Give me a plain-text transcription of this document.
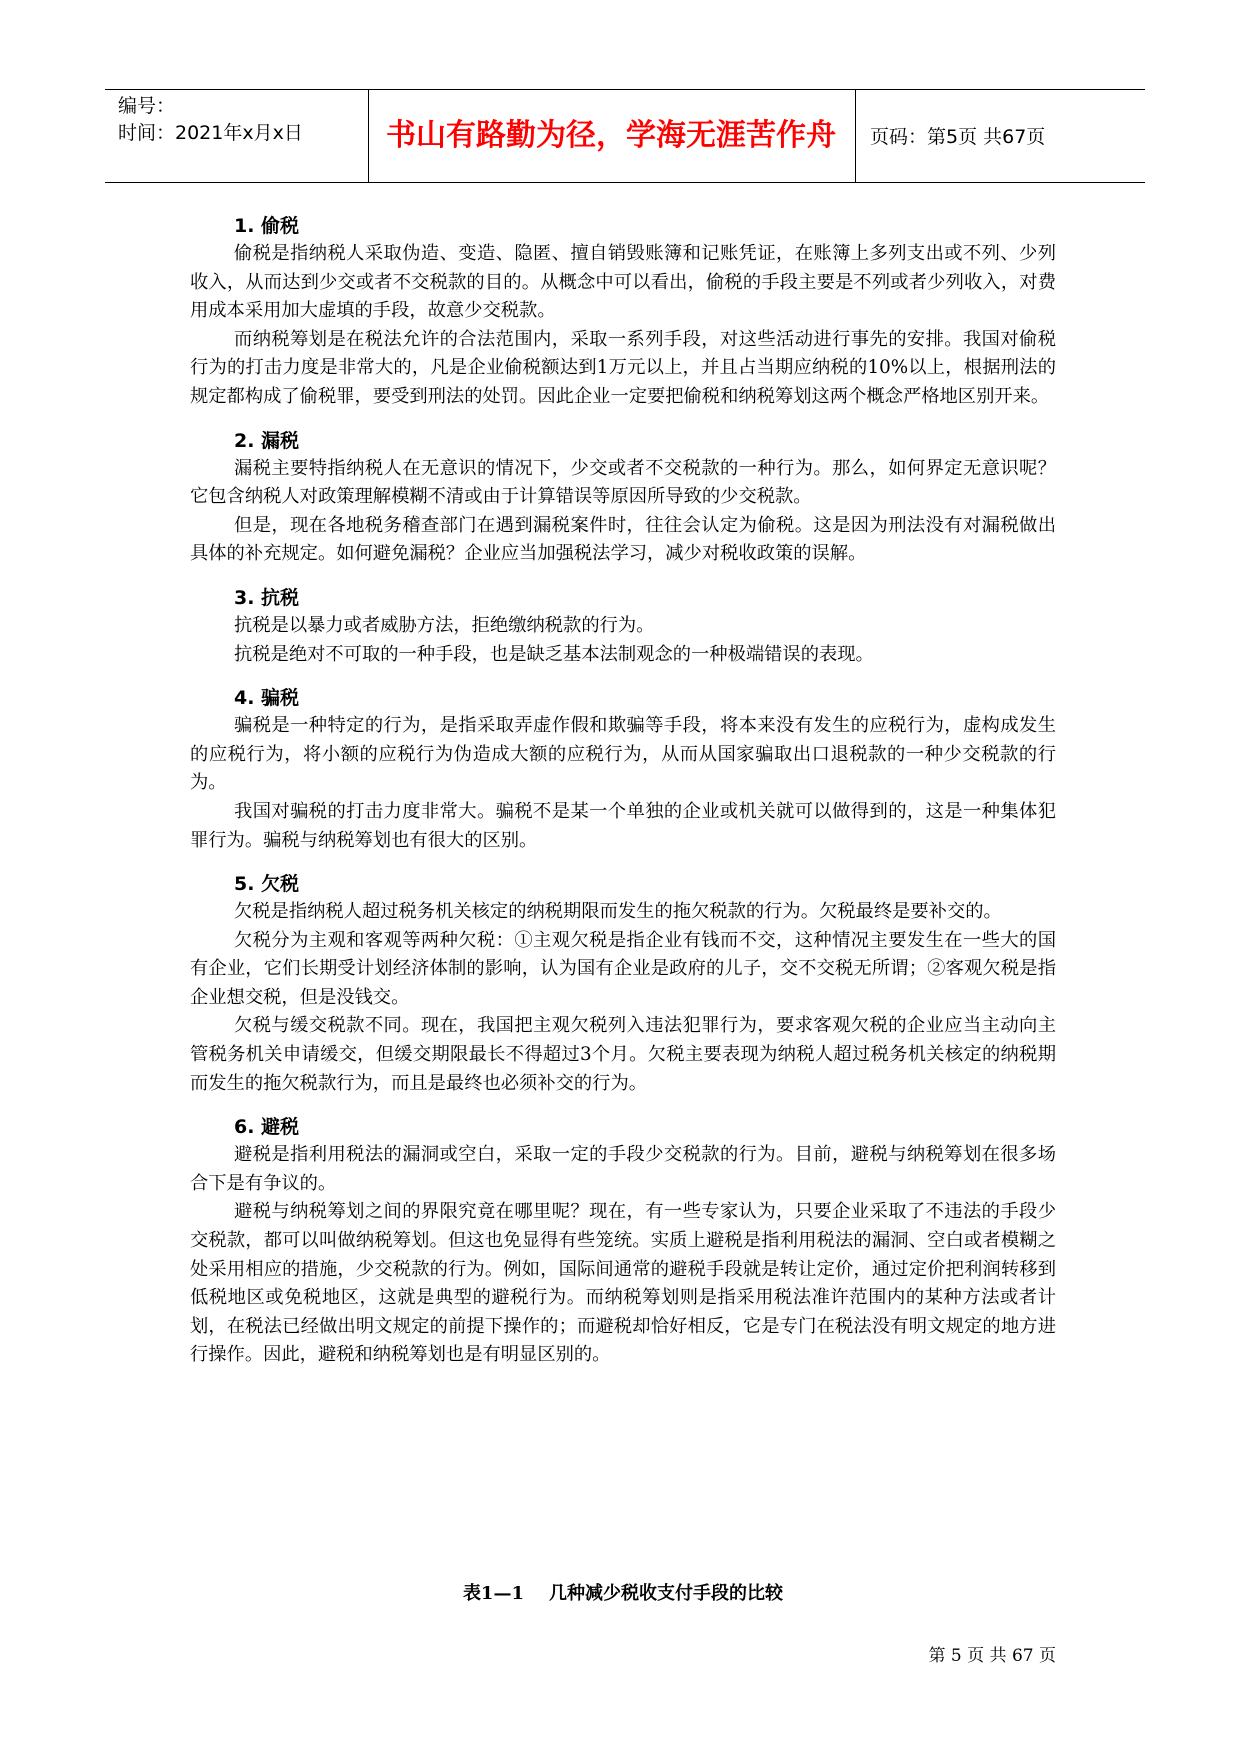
编号：
时间：2021年x月x日	书山有路勤为径，学海无涯苦作舟	页码：第5页 共67页
1. 偷税

偷税是指纳税人采取伪造、变造、隐匿、擅自销毁账簿和记账凭证，在账簿上多列支出或不列、少列收入，从而达到少交或者不交税款的目的。从概念中可以看出，偷税的手段主要是不列或者少列收入，对费用成本采用加大虚填的手段，故意少交税款。

而纳税筹划是在税法允许的合法范围内，采取一系列手段，对这些活动进行事先的安排。我国对偷税行为的打击力度是非常大的，凡是企业偷税额达到1万元以上，并且占当期应纳税的10%以上，根据刑法的规定都构成了偷税罪，要受到刑法的处罚。因此企业一定要把偷税和纳税筹划这两个概念严格地区别开来。

2. 漏税

漏税主要特指纳税人在无意识的情况下，少交或者不交税款的一种行为。那么，如何界定无意识呢？它包含纳税人对政策理解模糊不清或由于计算错误等原因所导致的少交税款。

但是，现在各地税务稽查部门在遇到漏税案件时，往往会认定为偷税。这是因为刑法没有对漏税做出具体的补充规定。如何避免漏税？企业应当加强税法学习，减少对税收政策的误解。

3. 抗税

抗税是以暴力或者威胁方法，拒绝缴纳税款的行为。

抗税是绝对不可取的一种手段，也是缺乏基本法制观念的一种极端错误的表现。

4. 骗税

骗税是一种特定的行为，是指采取弄虚作假和欺骗等手段，将本来没有发生的应税行为，虚构成发生的应税行为，将小额的应税行为伪造成大额的应税行为，从而从国家骗取出口退税款的一种少交税款的行为。

我国对骗税的打击力度非常大。骗税不是某一个单独的企业或机关就可以做得到的，这是一种集体犯罪行为。骗税与纳税筹划也有很大的区别。

5. 欠税

欠税是指纳税人超过税务机关核定的纳税期限而发生的拖欠税款的行为。欠税最终是要补交的。

欠税分为主观和客观等两种欠税：①主观欠税是指企业有钱而不交，这种情况主要发生在一些大的国有企业，它们长期受计划经济体制的影响，认为国有企业是政府的儿子，交不交税无所谓；②客观欠税是指企业想交税，但是没钱交。

欠税与缓交税款不同。现在，我国把主观欠税列入违法犯罪行为，要求客观欠税的企业应当主动向主管税务机关申请缓交，但缓交期限最长不得超过3个月。欠税主要表现为纳税人超过税务机关核定的纳税期而发生的拖欠税款行为，而且是最终也必须补交的行为。

6. 避税

避税是指利用税法的漏洞或空白，采取一定的手段少交税款的行为。目前，避税与纳税筹划在很多场合下是有争议的。

避税与纳税筹划之间的界限究竟在哪里呢？现在，有一些专家认为，只要企业采取了不违法的手段少交税款，都可以叫做纳税筹划。但这也免显得有些笼统。实质上避税是指利用税法的漏洞、空白或者模糊之处采用相应的措施，少交税款的行为。例如，国际间通常的避税手段就是转让定价，通过定价把利润转移到低税地区或免税地区，这就是典型的避税行为。而纳税筹划则是指采用税法准许范围内的某种方法或者计划，在税法已经做出明文规定的前提下操作的；而避税却恰好相反，它是专门在税法没有明文规定的地方进行操作。因此，避税和纳税筹划也是有明显区别的。

表1—1    几种减少税收支付手段的比较
第 5 页 共 67 页
